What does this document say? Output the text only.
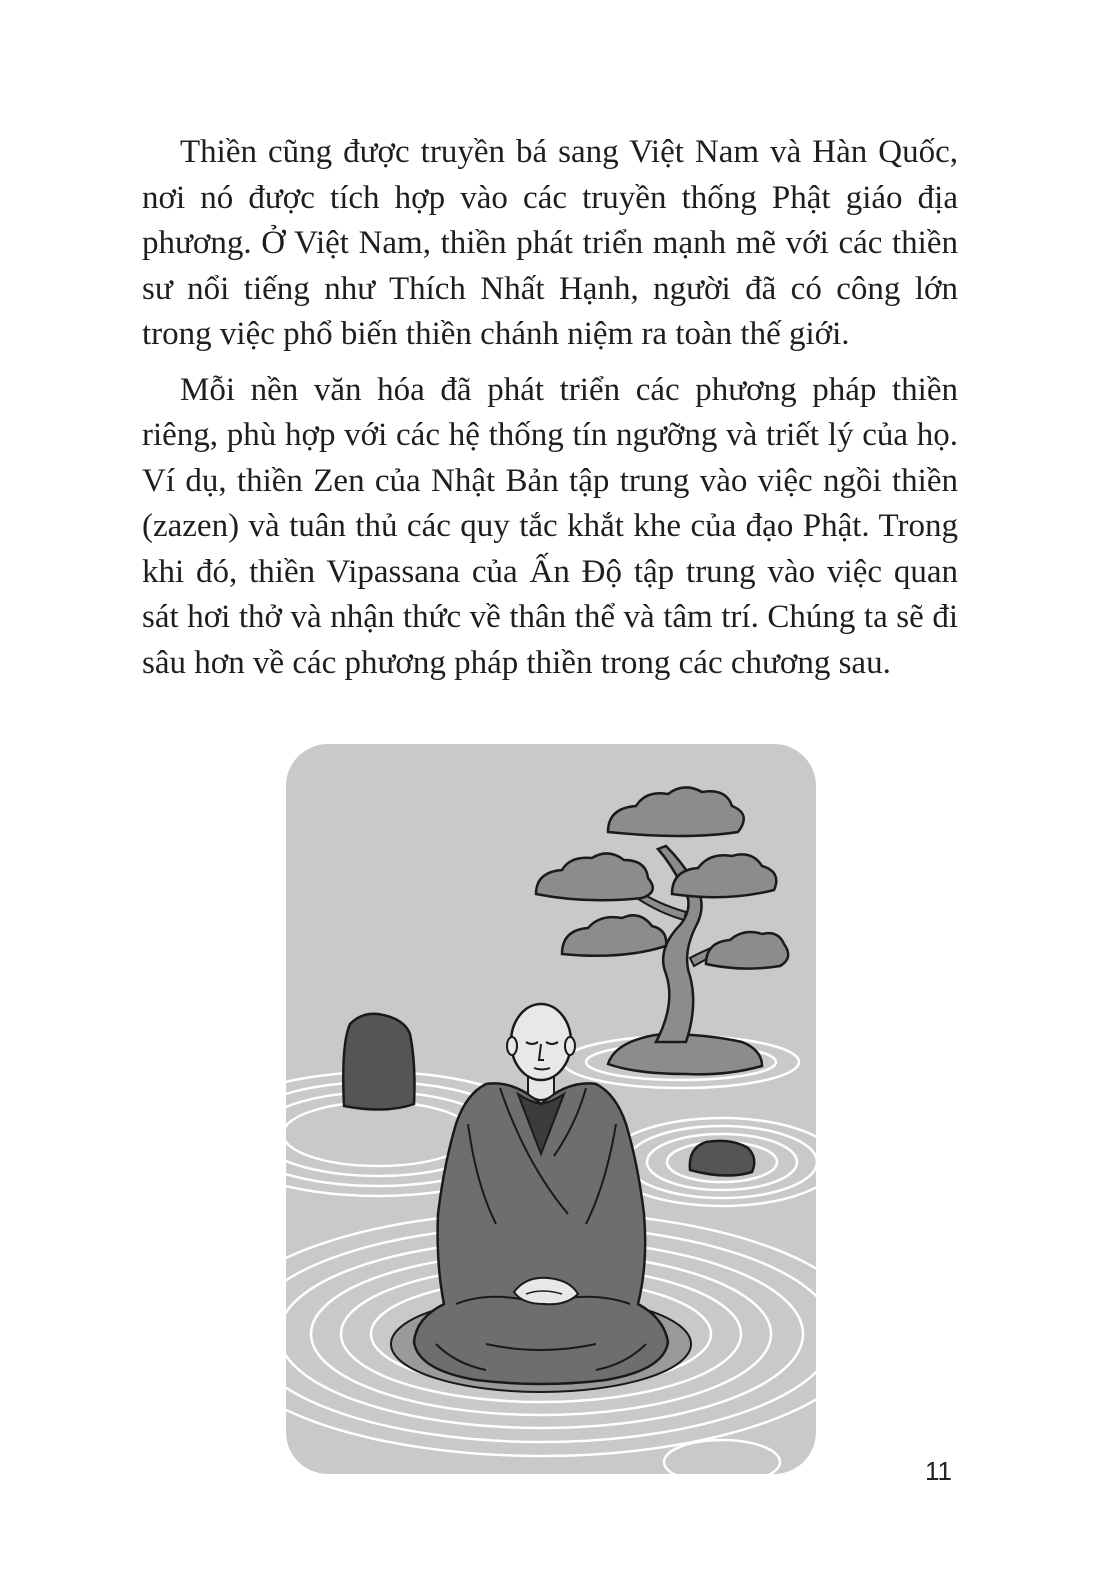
Thiền cũng được truyền bá sang Việt Nam và Hàn Quốc, nơi nó được tích hợp vào các truyền thống Phật giáo địa phương. Ở Việt Nam, thiền phát triển mạnh mẽ với các thiền sư nổi tiếng như Thích Nhất Hạnh, người đã có công lớn trong việc phổ biến thiền chánh niệm ra toàn thế giới.

Mỗi nền văn hóa đã phát triển các phương pháp thiền riêng, phù hợp với các hệ thống tín ngưỡng và triết lý của họ. Ví dụ, thiền Zen của Nhật Bản tập trung vào việc ngồi thiền (zazen) và tuân thủ các quy tắc khắt khe của đạo Phật. Trong khi đó, thiền Vipassana của Ấn Độ tập trung vào việc quan sát hơi thở và nhận thức về thân thể và tâm trí. Chúng ta sẽ đi sâu hơn về các phương pháp thiền trong các chương sau.

11
